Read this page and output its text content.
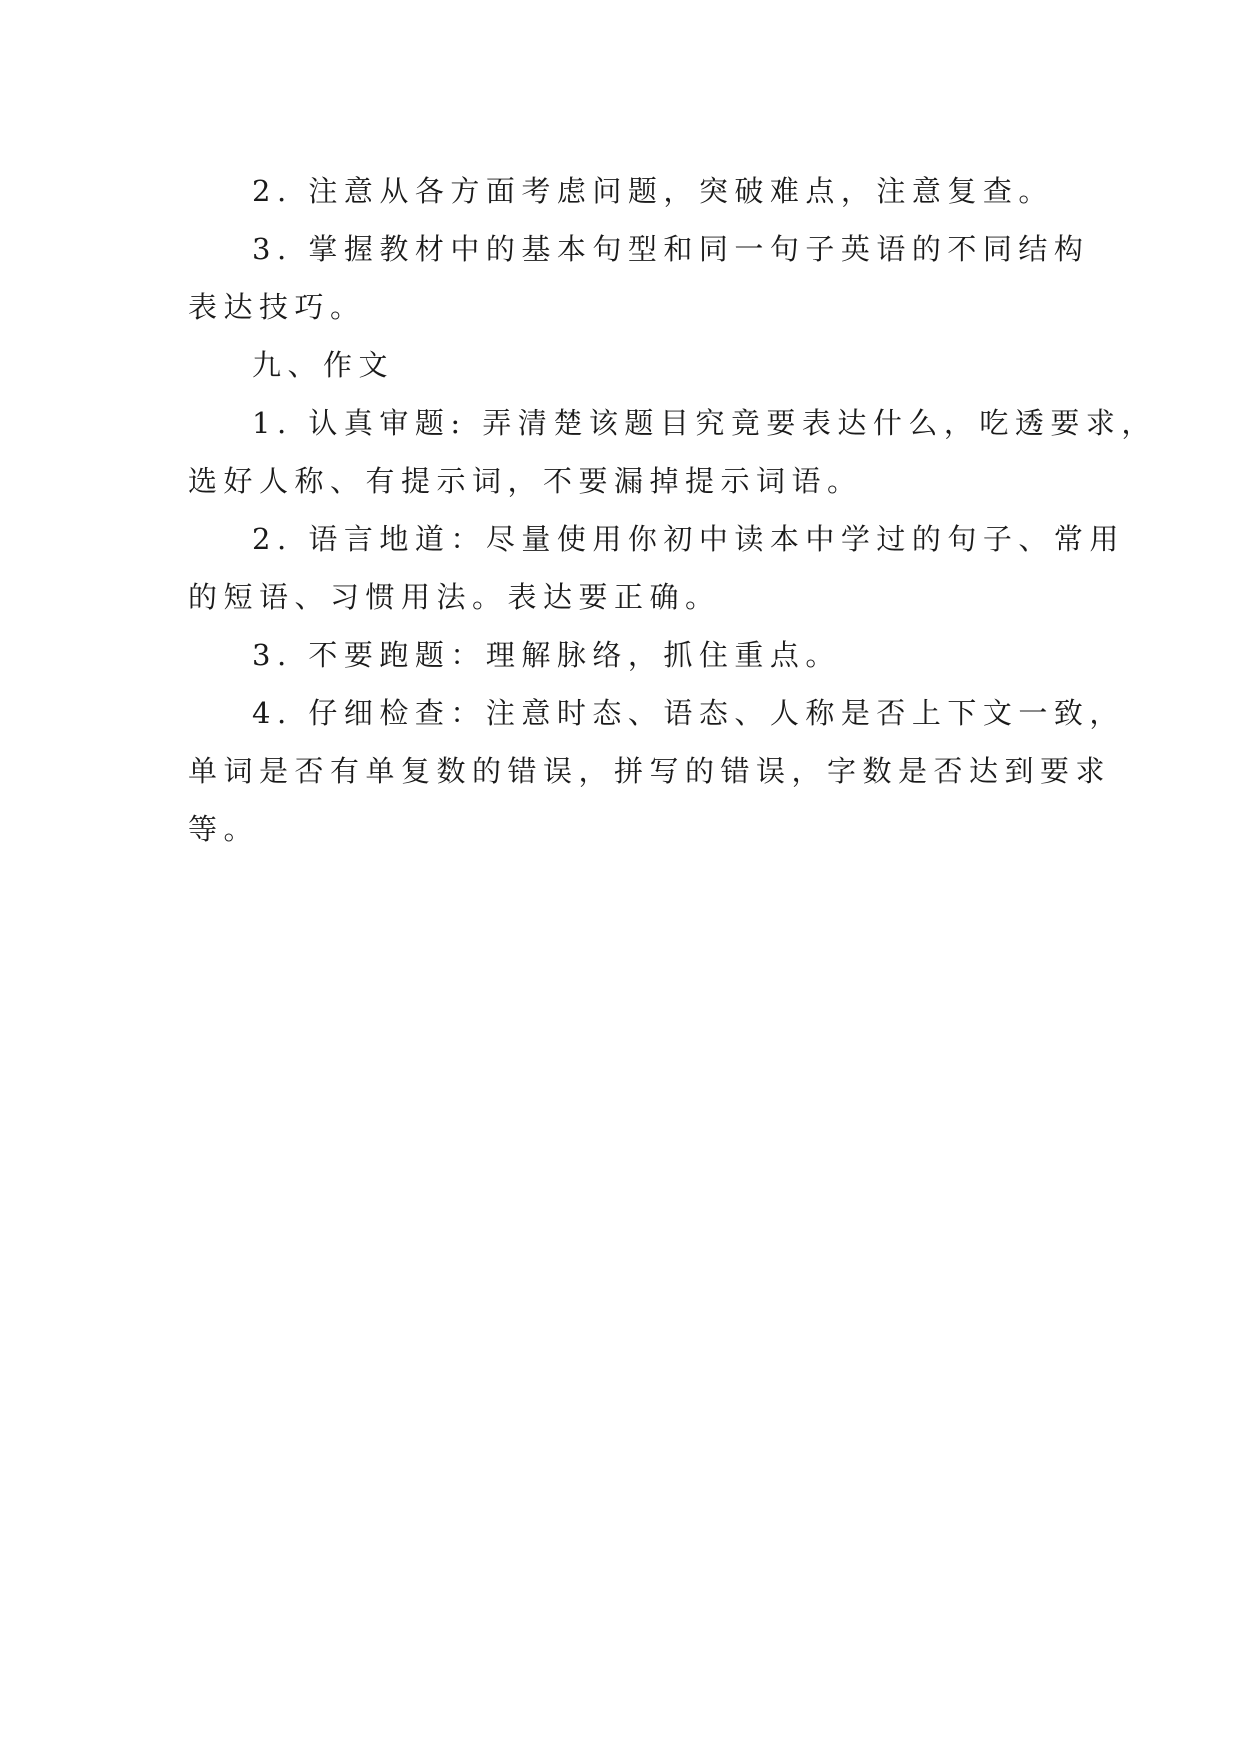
2. 注意从各方面考虑问题，突破难点，注意复查。
3. 掌握教材中的基本句型和同一句子英语的不同结构
表达技巧。
九、作文
1. 认真审题: 弄清楚该题目究竟要表达什么，吃透要求，
选好人称、有提示词，不要漏掉提示词语。
2. 语言地道：尽量使用你初中读本中学过的句子、常用
的短语、习惯用法。表达要正确。
3. 不要跑题：理解脉络，抓住重点。
4. 仔细检查：注意时态、语态、人称是否上下文一致，
单词是否有单复数的错误，拼写的错误，字数是否达到要求
等。
